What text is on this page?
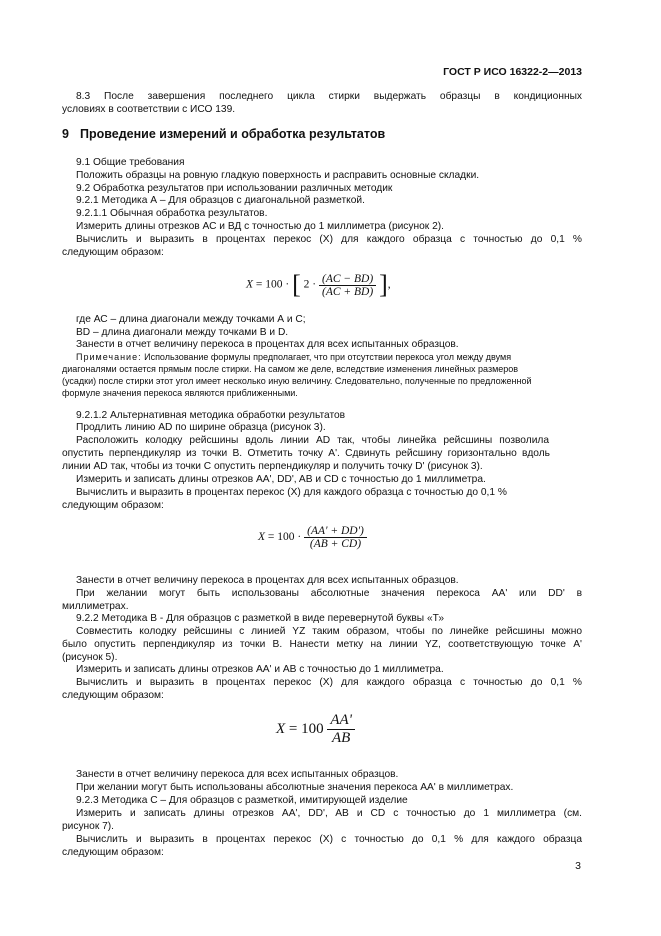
ГОСТ Р ИСО 16322-2—2013
8.3 После завершения последнего цикла стирки выдержать образцы в кондиционных
условиях в соответствии с ИСО 139.
9 Проведение измерений и обработка результатов
9.1 Общие требования
Положить образцы на ровную гладкую поверхность и расправить основные складки.
9.2 Обработка результатов при использовании различных методик
9.2.1 Методика А – Для образцов с диагональной разметкой.
9.2.1.1 Обычная обработка результатов.
Измерить длины отрезков АС и ВД с точностью до 1 миллиметра (рисунок 2).
Вычислить и выразить в процентах перекос (X) для каждого образца с точностью до 0,1 %
следующим образом:
X = 100 · [ $2 \cdot \frac{(AC - BD)}{(AC + BD)}$ ],
где АС – длина диагонали между точками А и С;
BD – длина диагонали между точками B и D.
Занести в отчет величину перекоса в процентах для всех испытанных образцов.
Примечание: Использование формулы предполагает, что при отсутствии перекоса угол между двумя
диагоналями остается прямым после стирки. На самом же деле, вследствие изменения линейных размеров
(усадки) после стирки этот угол имеет несколько иную величину. Следовательно, полученные по предложенной
формуле значения перекоса являются приближенными.
9.2.1.2 Альтернативная методика обработки результатов
Продлить линию AD по ширине образца (рисунок 3).
Расположить колодку рейсшины вдоль линии AD так, чтобы линейка рейсшины позволила
опустить перпендикуляр из точки B. Отметить точку A'. Сдвинуть рейсшину горизонтально вдоль
линии AD так, чтобы из точки C опустить перпендикуляр и получить точку D' (рисунок 3).
Измерить и записать длины отрезков AA', DD', AB и CD с точностью до 1 миллиметра.
Вычислить и выразить в процентах перекос (X) для каждого образца с точностью до 0,1 %
следующим образом:
$X = 100 \cdot \frac{(AA' + DD')}{(AB + CD)}$
Занести в отчет величину перекоса в процентах для всех испытанных образцов.
При желании могут быть использованы абсолютные значения перекоса AA' или DD' в
миллиметрах.
9.2.2 Методика В - Для образцов с разметкой в виде перевернутой буквы «Т»
Совместить колодку рейсшины с линией YZ таким образом, чтобы по линейке рейсшины можно
было опустить перпендикуляр из точки B. Нанести метку на линии YZ, соответствующую точке A'
(рисунок 5).
Измерить и записать длины отрезков AA' и AB с точностью до 1 миллиметра.
Вычислить и выразить в процентах перекос (X) для каждого образца с точностью до 0,1 %
следующим образом:
$X = 100 \frac{AA'}{AB}$
Занести в отчет величину перекоса для всех испытанных образцов.
При желании могут быть использованы абсолютные значения перекоса AA' в миллиметрах.
9.2.3 Методика С – Для образцов с разметкой, имитирующей изделие
Измерить и записать длины отрезков AA', DD', AB и CD с точностью до 1 миллиметра (см.
рисунок 7).
Вычислить и выразить в процентах перекос (X) с точностью до 0,1 % для каждого образца
следующим образом:
3
